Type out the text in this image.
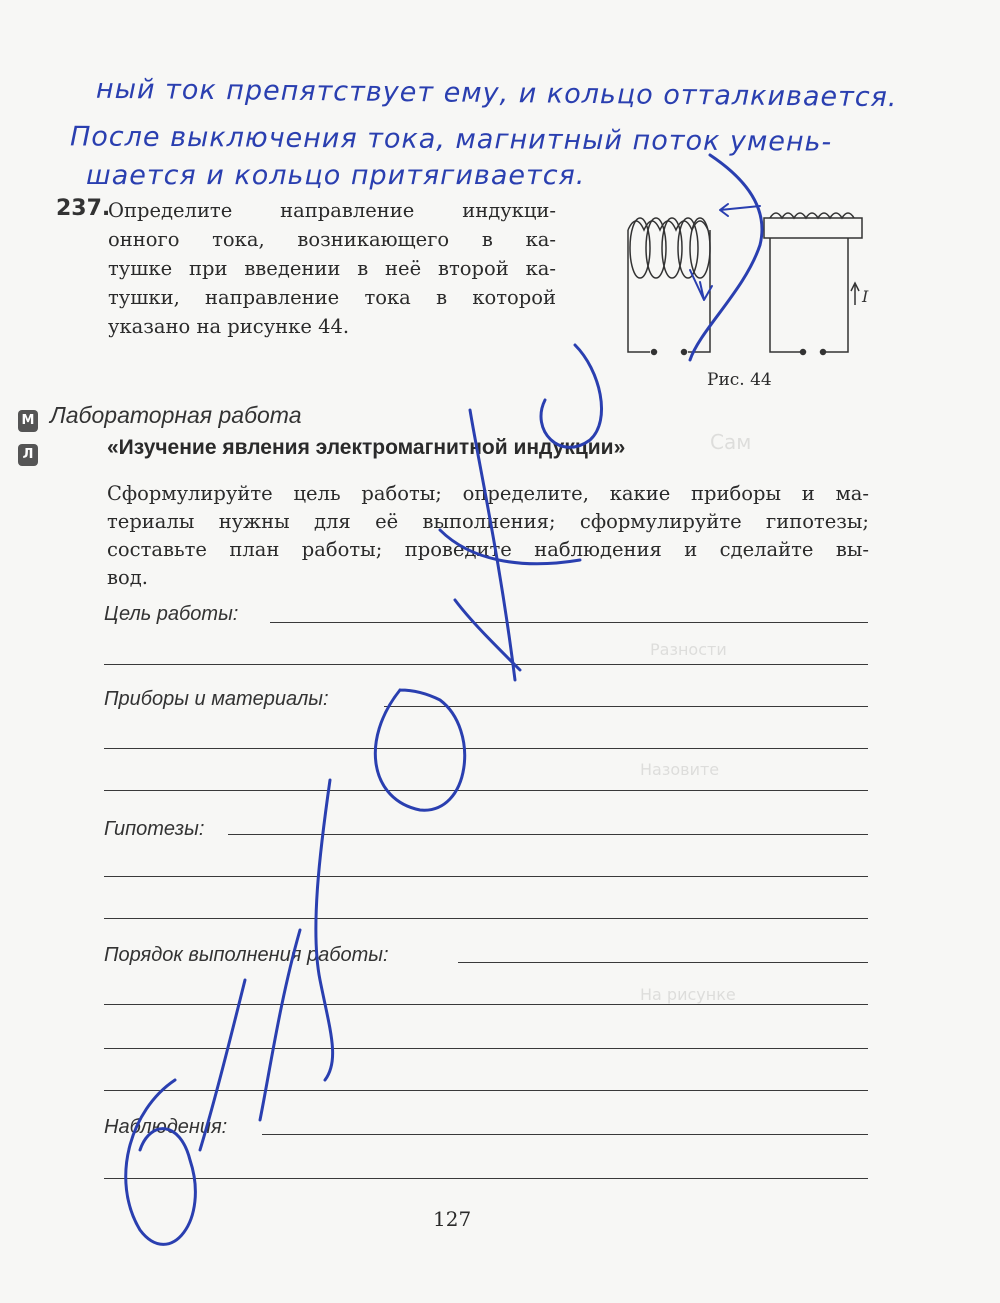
Сам
Разности
Назовите
На рисунке
ный ток препятствует ему, и кольцо отталкивается.
После выключения тока, магнитный поток умень-
шается и кольцо притягивается.
237.
Определите направление индукци-
онного тока, возникающего в ка-
тушке при введении в неё второй ка-
тушки, направление тока в которой
указано на рисунке 44.
I
Рис. 44
М
Л
Лабораторная работа
«Изучение явления электромагнитной индукции»
Сформулируйте цель работы; определите, какие приборы и ма-
териалы нужны для её выполнения; сформулируйте гипотезы;
составьте план работы; проведите наблюдения и сделайте вы-
вод.
Цель работы:
Приборы и материалы:
Гипотезы:
Порядок выполнения работы:
Наблюдения:
127
